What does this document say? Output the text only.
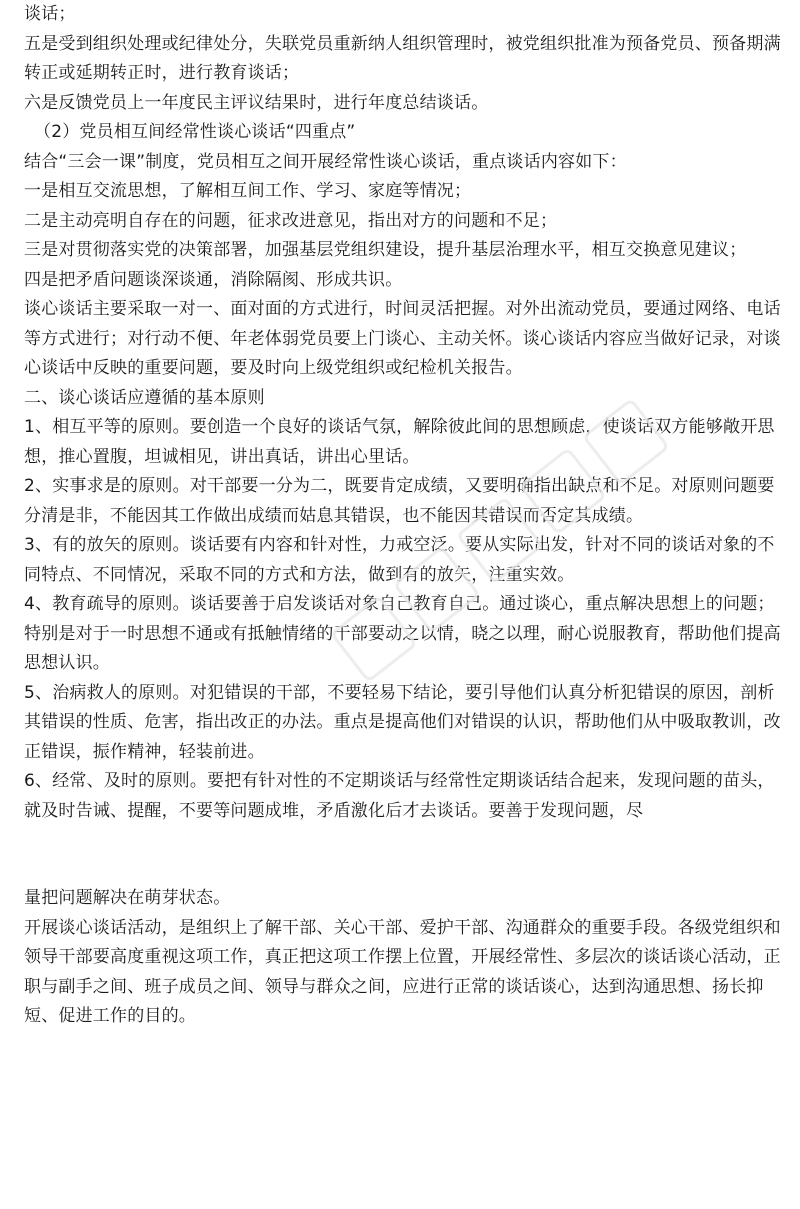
谈话；

五是受到组织处理或纪律处分，失联党员重新纳人组织管理时，被党组织批准为预备党员、预备期满转正或延期转正时，进行教育谈话；

六是反馈党员上一年度民主评议结果时，进行年度总结谈话。

（2）党员相互间经常性谈心谈话“四重点”

结合“三会一课”制度，党员相互之间开展经常性谈心谈话，重点谈话内容如下：

一是相互交流思想，了解相互间工作、学习、家庭等情况；

二是主动亮明自存在的问题，征求改进意见，指出对方的问题和不足；

三是对贯彻落实党的决策部署，加强基层党组织建设，提升基层治理水平，相互交换意见建议；

四是把矛盾问题谈深谈通，消除隔阂、形成共识。

谈心谈话主要采取一对一、面对面的方式进行，时间灵活把握。对外出流动党员，要通过网络、电话等方式进行；对行动不便、年老体弱党员要上门谈心、主动关怀。谈心谈话内容应当做好记录，对谈心谈话中反映的重要问题，要及时向上级党组织或纪检机关报告。

二、谈心谈话应遵循的基本原则

1、相互平等的原则。要创造一个良好的谈话气氛，解除彼此间的思想顾虑，使谈话双方能够敞开思想，推心置腹，坦诚相见，讲出真话，讲出心里话。

2、实事求是的原则。对干部要一分为二，既要肯定成绩，又要明确指出缺点和不足。对原则问题要分清是非，不能因其工作做出成绩而姑息其错误，也不能因其错误而否定其成绩。

3、有的放矢的原则。谈话要有内容和针对性，力戒空泛。要从实际出发，针对不同的谈话对象的不同特点、不同情况，采取不同的方式和方法，做到有的放矢，注重实效。

4、教育疏导的原则。谈话要善于启发谈话对象自己教育自己。通过谈心，重点解决思想上的问题；特别是对于一时思想不通或有抵触情绪的干部要动之以情，晓之以理，耐心说服教育，帮助他们提高思想认识。

5、治病救人的原则。对犯错误的干部，不要轻易下结论，要引导他们认真分析犯错误的原因，剖析其错误的性质、危害，指出改正的办法。重点是提高他们对错误的认识，帮助他们从中吸取教训，改正错误，振作精神，轻装前进。

6、经常、及时的原则。要把有针对性的不定期谈话与经常性定期谈话结合起来，发现问题的苗头，就及时告诫、提醒，不要等问题成堆，矛盾激化后才去谈话。要善于发现问题，尽

量把问题解决在萌芽状态。

开展谈心谈话活动，是组织上了解干部、关心干部、爱护干部、沟通群众的重要手段。各级党组织和领导干部要高度重视这项工作，真正把这项工作摆上位置，开展经常性、多层次的谈话谈心活动，正职与副手之间、班子成员之间、领导与群众之间，应进行正常的谈话谈心，达到沟通思想、扬长抑短、促进工作的目的。
